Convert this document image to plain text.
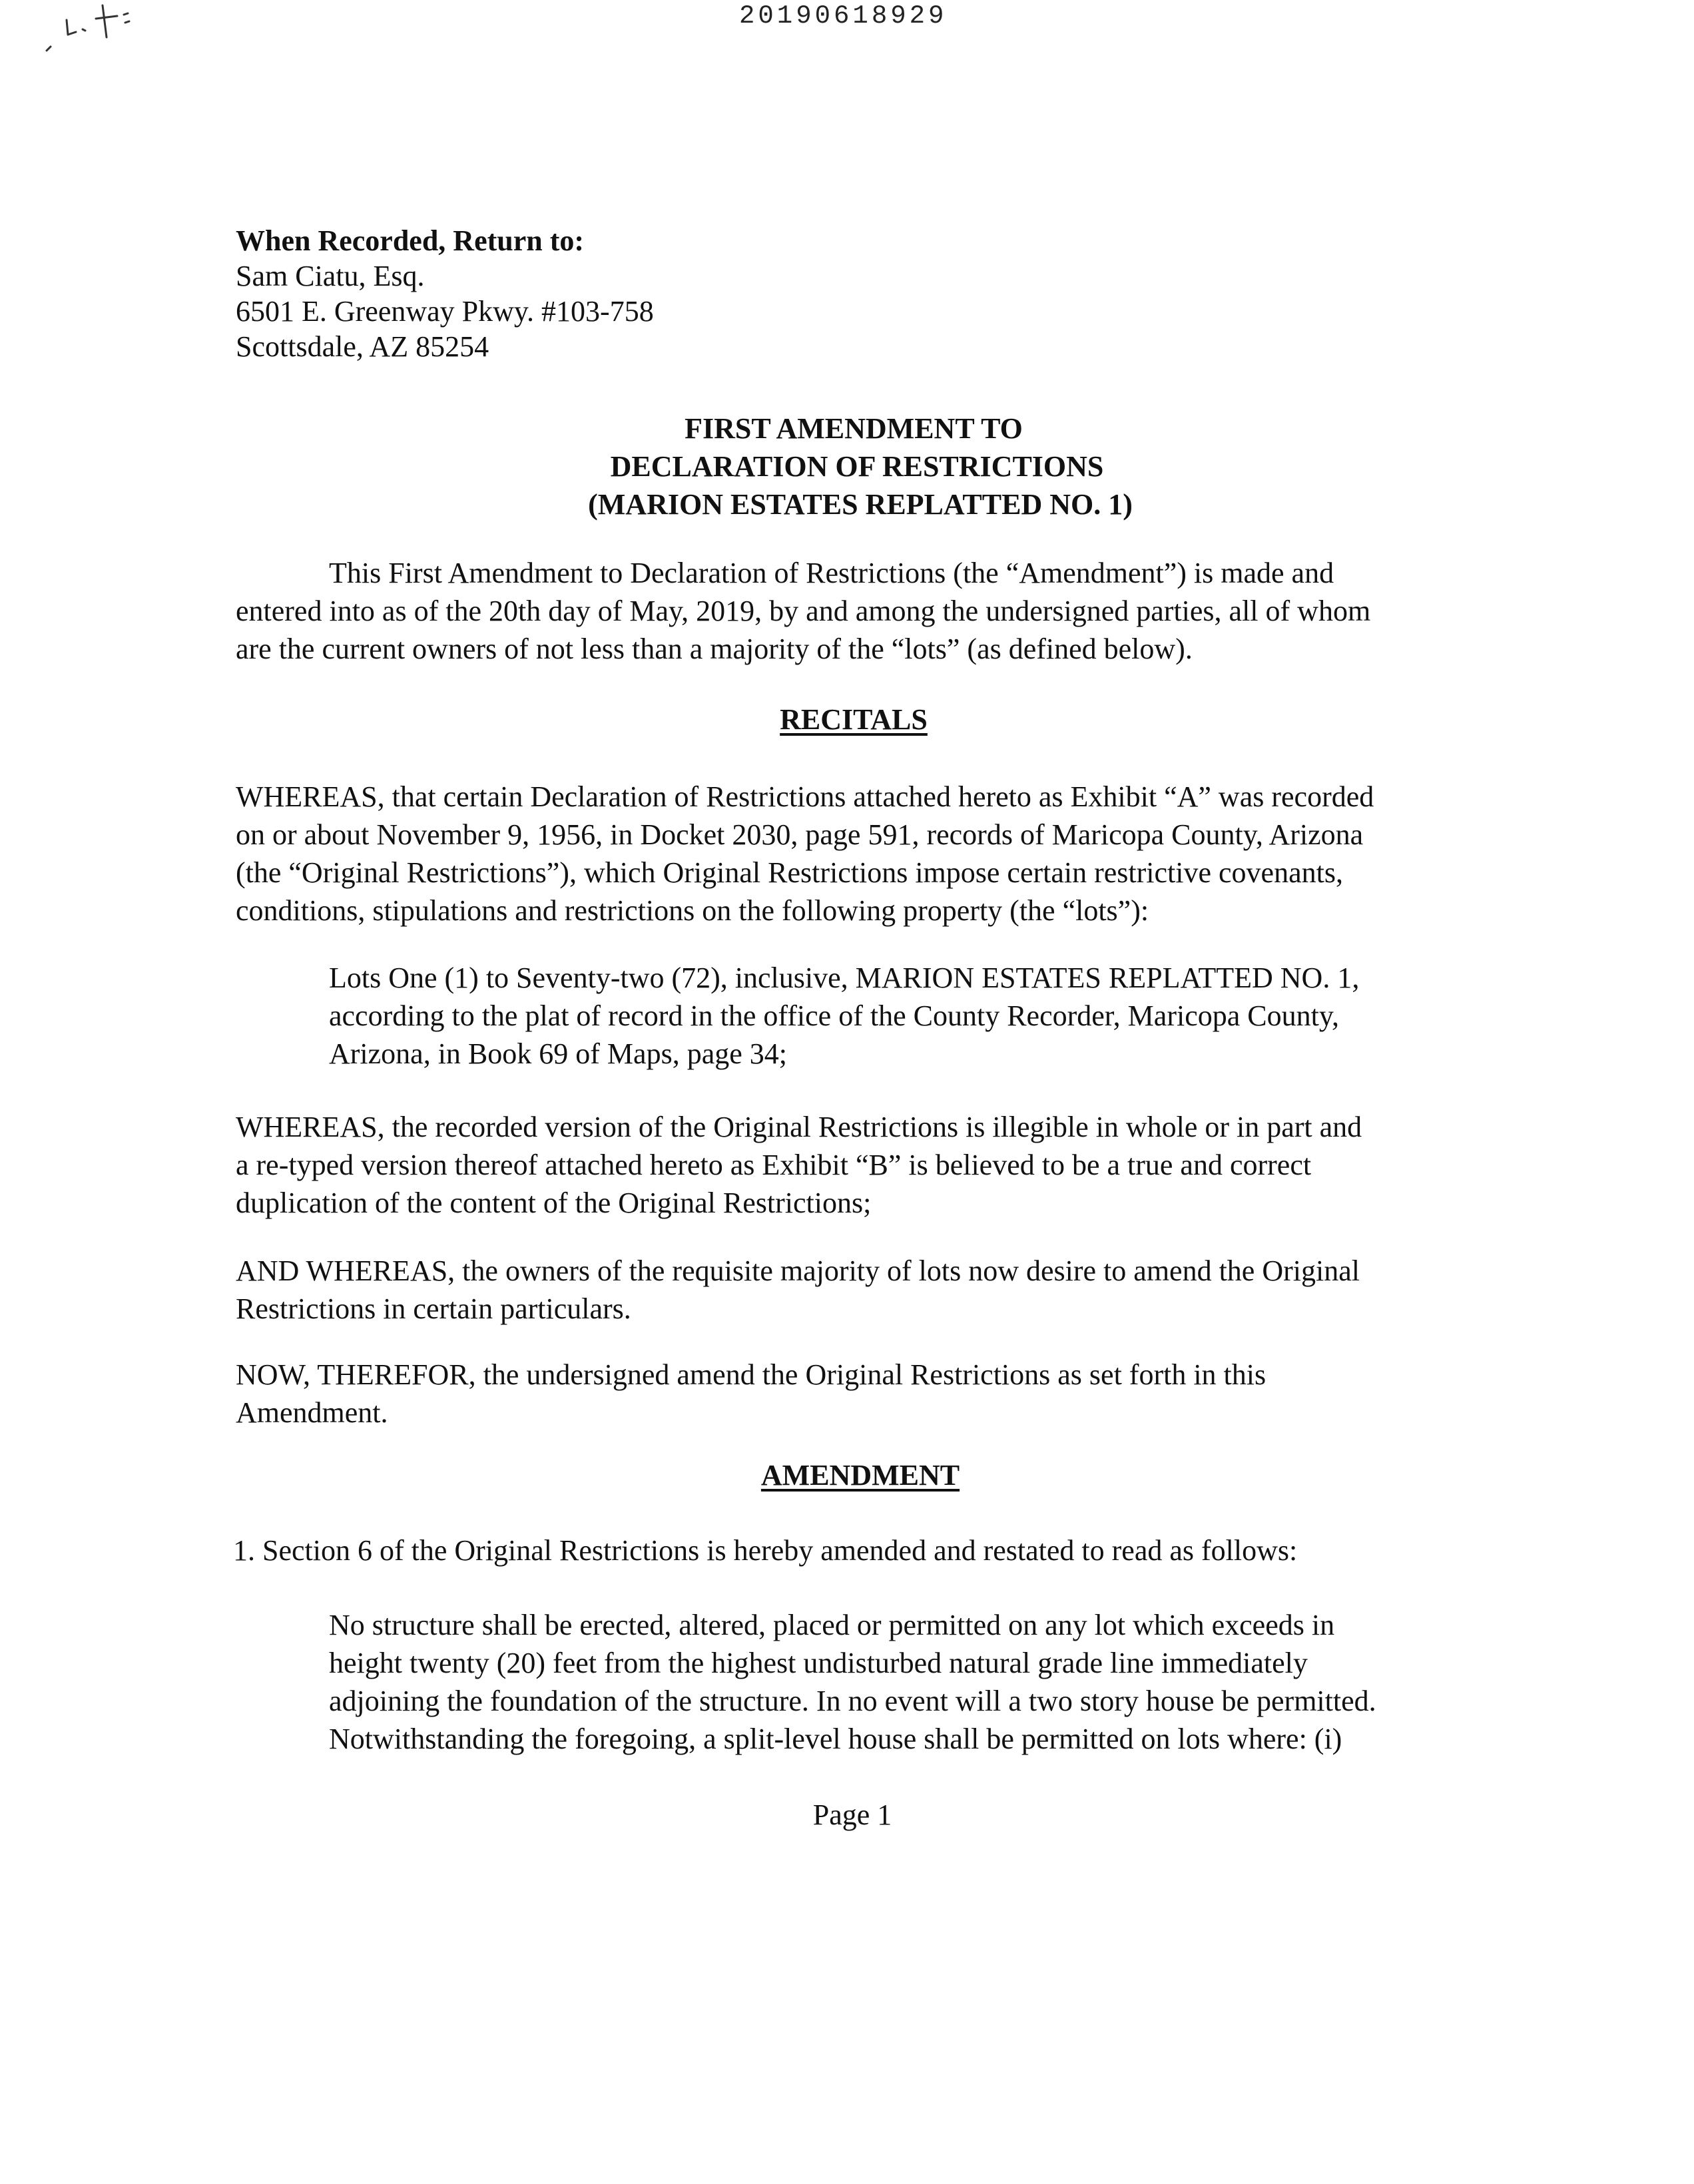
20190618929
When Recorded, Return to:
Sam Ciatu, Esq.
6501 E. Greenway Pkwy. #103-758
Scottsdale, AZ 85254
FIRST AMENDMENT TO
DECLARATION OF RESTRICTIONS
(MARION ESTATES REPLATTED NO. 1)
This First Amendment to Declaration of Restrictions (the “Amendment”) is made and
entered into as of the 20th day of May, 2019, by and among the undersigned parties, all of whom
are the current owners of not less than a majority of the “lots” (as defined below).
RECITALS
WHEREAS, that certain Declaration of Restrictions attached hereto as Exhibit “A” was recorded
on or about November 9, 1956, in Docket 2030, page 591, records of Maricopa County, Arizona
(the “Original Restrictions”), which Original Restrictions impose certain restrictive covenants,
conditions, stipulations and restrictions on the following property (the “lots”):
Lots One (1) to Seventy-two (72), inclusive, MARION ESTATES REPLATTED NO. 1,
according to the plat of record in the office of the County Recorder, Maricopa County,
Arizona, in Book 69 of Maps, page 34;
WHEREAS, the recorded version of the Original Restrictions is illegible in whole or in part and
a re-typed version thereof attached hereto as Exhibit “B” is believed to be a true and correct
duplication of the content of the Original Restrictions;
AND WHEREAS, the owners of the requisite majority of lots now desire to amend the Original
Restrictions in certain particulars.
NOW, THEREFOR, the undersigned amend the Original Restrictions as set forth in this
Amendment.
AMENDMENT
1. Section 6 of the Original Restrictions is hereby amended and restated to read as follows:
No structure shall be erected, altered, placed or permitted on any lot which exceeds in
height twenty (20) feet from the highest undisturbed natural grade line immediately
adjoining the foundation of the structure. In no event will a two story house be permitted.
Notwithstanding the foregoing, a split-level house shall be permitted on lots where: (i)
Page 1
